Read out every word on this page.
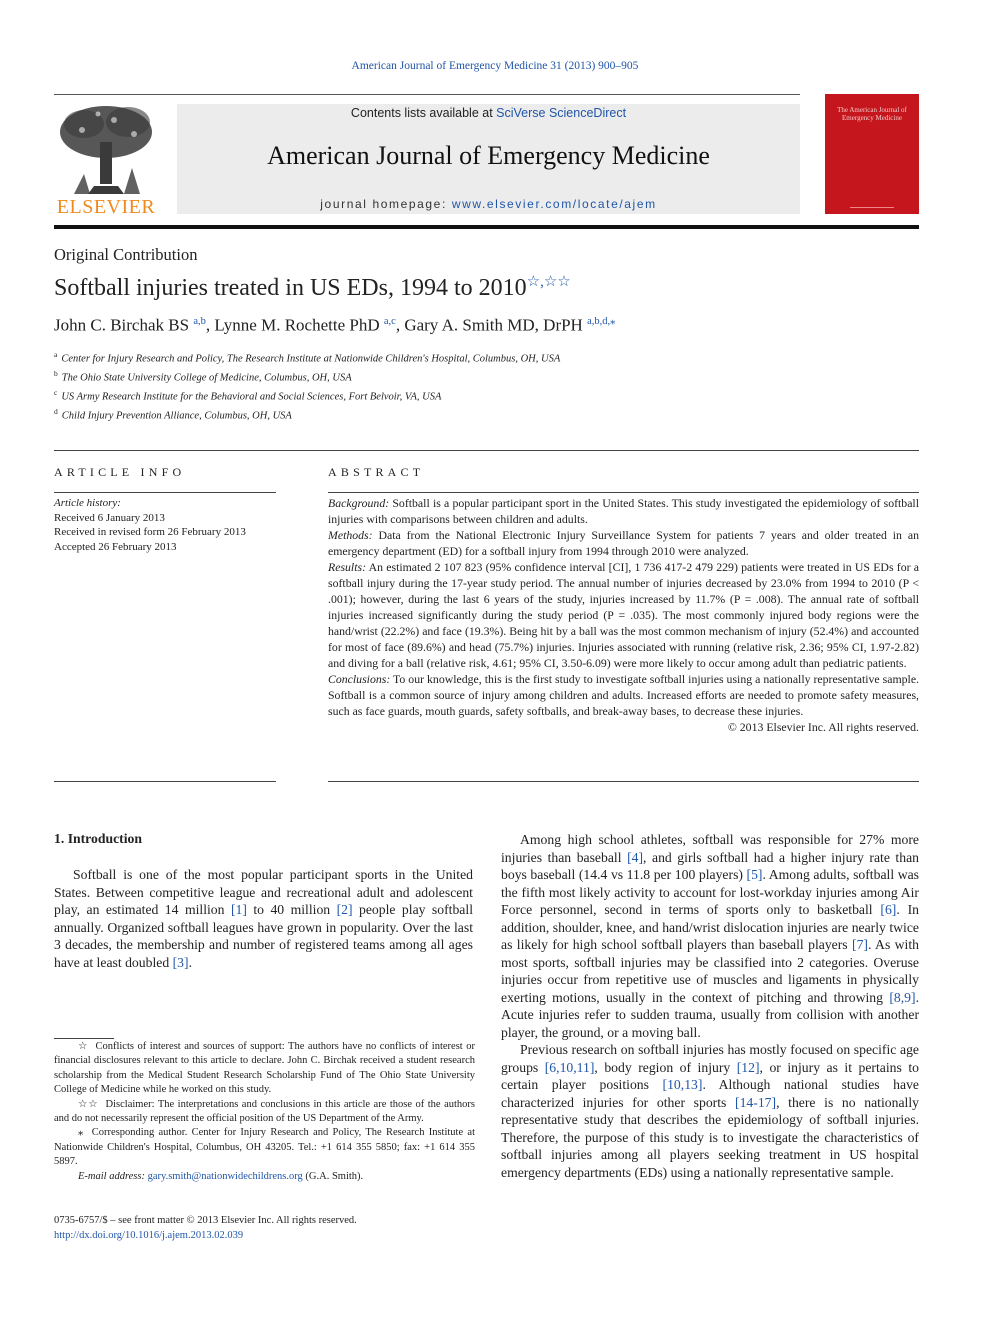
American Journal of Emergency Medicine 31 (2013) 900–905
ELSEVIER
Contents lists available at SciVerse ScienceDirect
American Journal of Emergency Medicine
journal homepage: www.elsevier.com/locate/ajem
The American Journal of Emergency Medicine
Original Contribution
Softball injuries treated in US EDs, 1994 to 2010☆,☆☆
John C. Birchak BS $^{a,b}$, Lynne M. Rochette PhD $^{a,c}$, Gary A. Smith MD, DrPH $^{a,b,d,⁎}$
$^a$ Center for Injury Research and Policy, The Research Institute at Nationwide Children's Hospital, Columbus, OH, USA
$^b$ The Ohio State University College of Medicine, Columbus, OH, USA
$^c$ US Army Research Institute for the Behavioral and Social Sciences, Fort Belvoir, VA, USA
$^d$ Child Injury Prevention Alliance, Columbus, OH, USA
ARTICLE INFO	ABSTRACT
Article history:
Received 6 January 2013
Received in revised form 26 February 2013
Accepted 26 February 2013

Background: Softball is a popular participant sport in the United States. This study investigated the epidemiology of softball injuries with comparisons between children and adults.

Methods: Data from the National Electronic Injury Surveillance System for patients 7 years and older treated in an emergency department (ED) for a softball injury from 1994 through 2010 were analyzed.

Results: An estimated 2 107 823 (95% confidence interval [CI], 1 736 417-2 479 229) patients were treated in US EDs for a softball injury during the 17-year study period. The annual number of injuries decreased by 23.0% from 1994 to 2010 (P < .001); however, during the last 6 years of the study, injuries increased by 11.7% (P = .008). The annual rate of softball injuries increased significantly during the study period (P = .035). The most commonly injured body regions were the hand/wrist (22.2%) and face (19.3%). Being hit by a ball was the most common mechanism of injury (52.4%) and accounted for most of face (89.6%) and head (75.7%) injuries. Injuries associated with running (relative risk, 2.36; 95% CI, 1.97-2.82) and diving for a ball (relative risk, 4.61; 95% CI, 3.50-6.09) were more likely to occur among adult than pediatric patients.

Conclusions: To our knowledge, this is the first study to investigate softball injuries using a nationally representative sample. Softball is a common source of injury among children and adults. Increased efforts are needed to promote safety measures, such as face guards, mouth guards, safety softballs, and break-away bases, to decrease these injuries.

© 2013 Elsevier Inc. All rights reserved.

1. Introduction

Softball is one of the most popular participant sports in the United States. Between competitive league and recreational adult and adolescent play, an estimated 14 million [1] to 40 million [2] people play softball annually. Organized softball leagues have grown in popularity. Over the last 3 decades, the membership and number of registered teams among all ages have at least doubled [3].

Among high school athletes, softball was responsible for 27% more injuries than baseball [4], and girls softball had a higher injury rate than boys baseball (14.4 vs 11.8 per 100 players) [5]. Among adults, softball was the fifth most likely activity to account for lost-workday injuries among Air Force personnel, second in terms of sports only to basketball [6]. In addition, shoulder, knee, and hand/wrist dislocation injuries are nearly twice as likely for high school softball players than baseball players [7]. As with most sports, softball injuries may be classified into 2 categories. Overuse injuries occur from repetitive use of muscles and ligaments in physically exerting motions, usually in the context of pitching and throwing [8,9]. Acute injuries refer to sudden trauma, usually from collision with another player, the ground, or a moving ball.

Previous research on softball injuries has mostly focused on specific age groups [6,10,11], body region of injury [12], or injury as it pertains to certain player positions [10,13]. Although national studies have characterized injuries for other sports [14-17], there is no nationally representative study that describes the epidemiology of softball injuries. Therefore, the purpose of this study is to investigate the characteristics of softball injuries among all players seeking treatment in US hospital emergency departments (EDs) using a nationally representative sample.

☆ Conflicts of interest and sources of support: The authors have no conflicts of interest or financial disclosures relevant to this article to declare. John C. Birchak received a student research scholarship from the Medical Student Research Scholarship Fund of The Ohio State University College of Medicine while he worked on this study.

☆☆ Disclaimer: The interpretations and conclusions in this article are those of the authors and do not necessarily represent the official position of the US Department of the Army.

⁎ Corresponding author. Center for Injury Research and Policy, The Research Institute at Nationwide Children's Hospital, Columbus, OH 43205. Tel.: +1 614 355 5850; fax: +1 614 355 5897.

E-mail address: gary.smith@nationwidechildrens.org (G.A. Smith).

0735-6757/$ – see front matter © 2013 Elsevier Inc. All rights reserved.
http://dx.doi.org/10.1016/j.ajem.2013.02.039
